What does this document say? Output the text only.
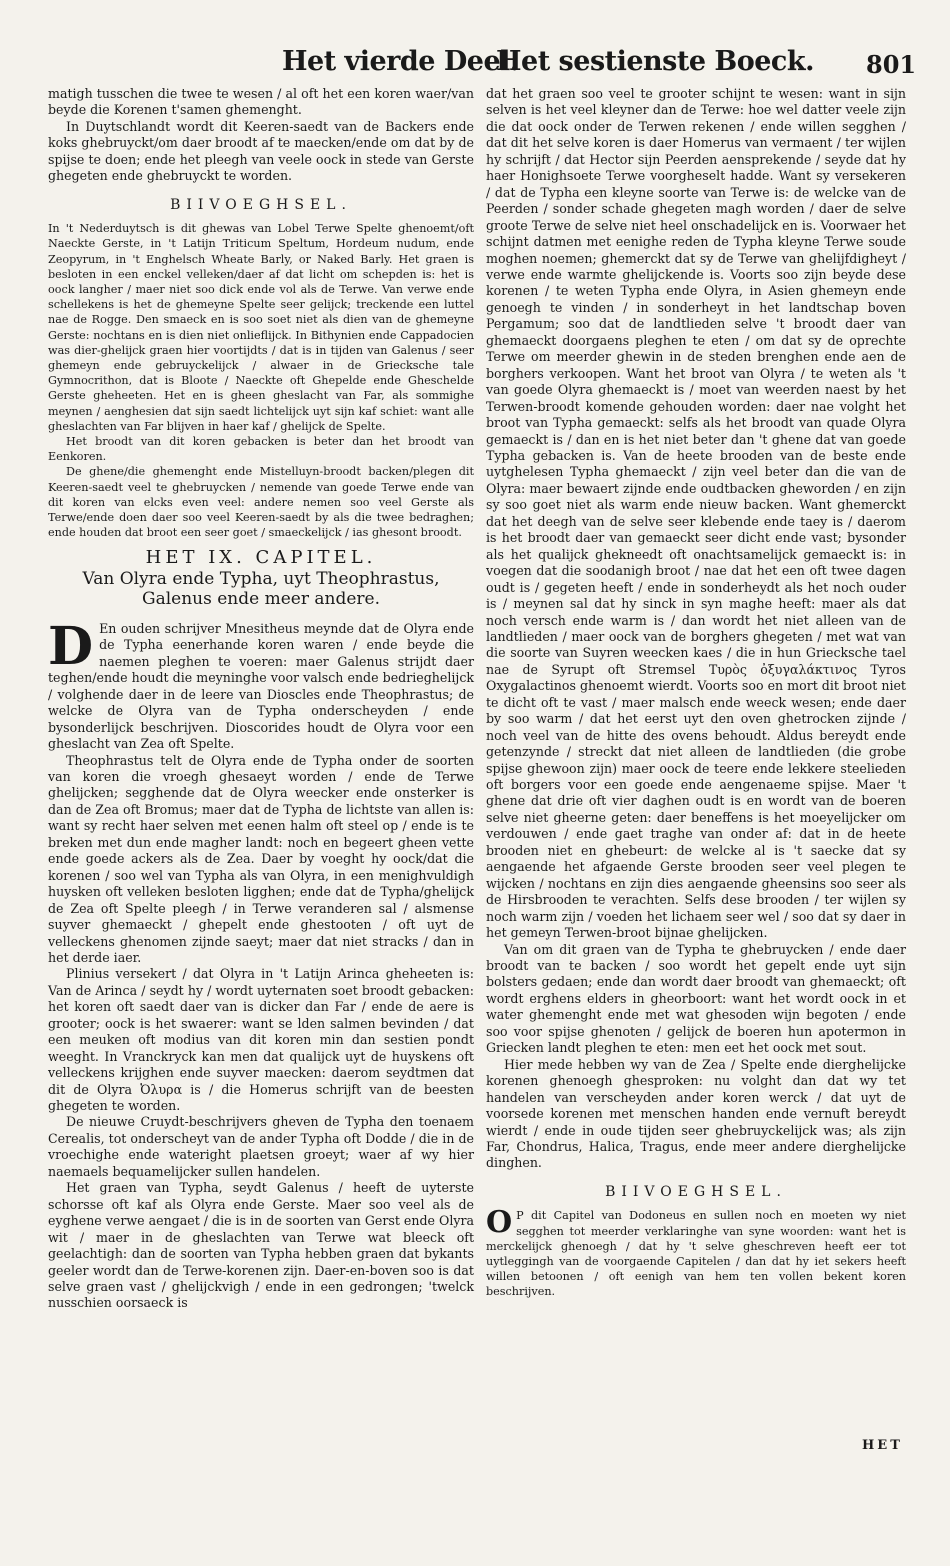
Het vierde Deel.
Het sestienste Boeck. 801

matigh tusschen die twee te wesen / al oft het een koren waer/van beyde die Korenen t'samen ghemenght.

In Duytschlandt wordt dit Keeren-saedt van de Backers ende koks ghebruyckt/om daer broodt af te maecken/ende om dat by de spijse te doen; ende het pleegh van veele oock in stede van Gerste ghegeten ende ghebruyckt te worden.

BIIVOEGHSEL.

In 't Nederduytsch is dit ghewas van Lobel Terwe Spelte ghenoemt/oft Naeckte Gerste, in 't Latijn Triticum Speltum, Hordeum nudum, ende Zeopyrum, in 't Enghelsch Wheate Barly, or Naked Barly. Het graen is besloten in een enckel velleken/daer af dat licht om schepden is: het is oock langher / maer niet soo dick ende vol als de Terwe. Van verwe ende schellekens is het de ghemeyne Spelte seer gelijck; treckende een luttel nae de Rogge. Den smaeck en is soo soet niet als dien van de ghemeyne Gerste: nochtans en is dien niet onlieflijck. In Bithynien ende Cappadocien was dier-ghelijck graen hier voortijdts / dat is in tijden van Galenus / seer ghemeyn ende gebruyckelijck / alwaer in de Griecksche tale Gymnocrithon, dat is Bloote / Naeckte oft Ghepelde ende Gheschelde Gerste gheheeten. Het en is gheen gheslacht van Far, als sommighe meynen / aenghesien dat sijn saedt lichtelijck uyt sijn kaf schiet: want alle gheslachten van Far blijven in haer kaf / ghelijck de Spelte.

Het broodt van dit koren gebacken is beter dan het broodt van Eenkoren.

De ghene/die ghemenght ende Mistelluyn-broodt backen/plegen dit Keeren-saedt veel te ghebruycken / nemende van goede Terwe ende van dit koren van elcks even veel: andere nemen soo veel Gerste als Terwe/ende doen daer soo veel Keeren-saedt by als die twee bedraghen; ende houden dat broot een seer goet / smaeckelijck / ias ghesont broodt.

HET IX. CAPITEL.
Van Olyra ende Typha, uyt Theophrastus, Galenus ende meer andere.

D En ouden schrijver Mnesitheus meynde dat de Olyra ende de Typha eenerhande koren waren / ende beyde die naemen pleghen te voeren: maer Galenus strijdt daer teghen/ende houdt die meyninghe voor valsch ende bedrieghelijck / volghende daer in de leere van Dioscles ende Theophrastus; de welcke de Olyra van de Typha onderscheyden / ende bysonderlijck beschrijven. Dioscorides houdt de Olyra voor een gheslacht van Zea oft Spelte.

Theophrastus telt de Olyra ende de Typha onder de soorten van koren die vroegh ghesaeyt worden / ende de Terwe ghelijcken; segghende dat de Olyra weecker ende onsterker is dan de Zea oft Bromus; maer dat de Typha de lichtste van allen is: want sy recht haer selven met eenen halm oft steel op / ende is te breken met dun ende magher landt: noch en begeert gheen vette ende goede ackers als de Zea. Daer by voeght hy oock/dat die korenen / soo wel van Typha als van Olyra, in een menighvuldigh huysken oft velleken besloten ligghen; ende dat de Typha/ghelijck de Zea oft Spelte pleegh / in Terwe veranderen sal / alsmense suyver ghemaeckt / ghepelt ende ghestooten / oft uyt de velleckens ghenomen zijnde saeyt; maer dat niet stracks / dan in het derde iaer.

Plinius versekert / dat Olyra in 't Latijn Arinca gheheeten is: Van de Arinca / seydt hy / wordt uyternaten soet broodt gebacken: het koren oft saedt daer van is dicker dan Far / ende de aere is grooter; oock is het swaerer: want se lden salmen bevinden / dat een meuken oft modius van dit koren min dan sestien pondt weeght. In Vranckryck kan men dat qualijck uyt de huyskens oft velleckens krijghen ende suyver maecken: daerom seydtmen dat dit de Olyra Ὀλυρα is / die Homerus schrijft van de beesten ghegeten te worden.

De nieuwe Cruydt-beschrijvers gheven de Typha den toenaem Cerealis, tot onderscheyt van de ander Typha oft Dodde / die in de vroechighe ende wateright plaetsen groeyt; waer af wy hier naemaels bequamelijcker sullen handelen.

Het graen van Typha, seydt Galenus / heeft de uyterste schorsse oft kaf als Olyra ende Gerste. Maer soo veel als de eyghene verwe aengaet / die is in de soorten van Gerst ende Olyra wit / maer in de gheslachten van Terwe wat bleeck oft geelachtigh: dan de soorten van Typha hebben graen dat bykants geeler wordt dan de Terwe-korenen zijn. Daer-en-boven soo is dat selve graen vast / ghelijckvigh / ende in een gedrongen; 'twelck nusschien oorsaeck is

dat het graen soo veel te grooter schijnt te wesen: want in sijn selven is het veel kleyner dan de Terwe: hoe wel datter veele zijn die dat oock onder de Terwen rekenen / ende willen segghen / dat dit het selve koren is daer Homerus van vermaent / ter wijlen hy schrijft / dat Hector sijn Peerden aensprekende / seyde dat hy haer Honighsoete Terwe voorgheselt hadde. Want sy versekeren / dat de Typha een kleyne soorte van Terwe is: de welcke van de Peerden / sonder schade ghegeten magh worden / daer de selve groote Terwe de selve niet heel onschadelijck en is. Voorwaer het schijnt datmen met eenighe reden de Typha kleyne Terwe soude moghen noemen; ghemerckt dat sy de Terwe van ghelijfdigheyt / verwe ende warmte ghelijckende is. Voorts soo zijn beyde dese korenen / te weten Typha ende Olyra, in Asien ghemeyn ende genoegh te vinden / in sonderheyt in het landtschap boven Pergamum; soo dat de landtlieden selve 't broodt daer van ghemaeckt doorgaens pleghen te eten / om dat sy de oprechte Terwe om meerder ghewin in de steden brenghen ende aen de borghers verkoopen. Want het broot van Olyra / te weten als 't van goede Olyra ghemaeckt is / moet van weerden naest by het Terwen-broodt komende gehouden worden: daer nae volght het broot van Typha gemaeckt: selfs als het broodt van quade Olyra gemaeckt is / dan en is het niet beter dan 't ghene dat van goede Typha gebacken is. Van de heete brooden van de beste ende uytghelesen Typha ghemaeckt / zijn veel beter dan die van de Olyra: maer bewaert zijnde ende oudtbacken gheworden / en zijn sy soo goet niet als warm ende nieuw backen. Want ghemerckt dat het deegh van de selve seer klebende ende taey is / daerom is het broodt daer van gemaeckt seer dicht ende vast; bysonder als het qualijck ghekneedt oft onachtsamelijck gemaeckt is: in voegen dat die soodanigh broot / nae dat het een oft twee dagen oudt is / gegeten heeft / ende in sonderheydt als het noch ouder is / meynen sal dat hy sinck in syn maghe heeft: maer als dat noch versch ende warm is / dan wordt het niet alleen van de landtlieden / maer oock van de borghers ghegeten / met wat van die soorte van Suyren weecken kaes / die in hun Griecksche tael nae de Syrupt oft Stremsel Τυρὸς ὀξυγαλάκτινος Tyros Oxygalactinos ghenoemt wierdt. Voorts soo en mort dit broot niet te dicht oft te vast / maer malsch ende weeck wesen; ende daer by soo warm / dat het eerst uyt den oven ghetrocken zijnde / noch veel van de hitte des ovens behoudt. Aldus bereydt ende getenzynde / streckt dat niet alleen de landtlieden (die grobe spijse ghewoon zijn) maer oock de teere ende lekkere steelieden oft borgers voor een goede ende aengenaeme spijse. Maer 't ghene dat drie oft vier daghen oudt is en wordt van de boeren selve niet gheerne geten: daer beneffens is het moeyelijcker om verdouwen / ende gaet traghe van onder af: dat in de heete brooden niet en ghebeurt: de welcke al is 't saecke dat sy aengaende het afgaende Gerste brooden seer veel plegen te wijcken / nochtans en zijn dies aengaende gheensins soo seer als de Hirsbrooden te verachten. Selfs dese brooden / ter wijlen sy noch warm zijn / voeden het lichaem seer wel / soo dat sy daer in het gemeyn Terwen-broot bijnae ghelijcken.

Van om dit graen van de Typha te ghebruycken / ende daer broodt van te backen / soo wordt het gepelt ende uyt sijn bolsters gedaen; ende dan wordt daer broodt van ghemaeckt; oft wordt erghens elders in gheorboort: want het wordt oock in et water ghemenght ende met wat ghesoden wijn begoten / ende soo voor spijse ghenoten / gelijck de boeren hun apotermon in Griecken landt pleghen te eten: men eet het oock met sout.

Hier mede hebben wy van de Zea / Spelte ende dierghelijcke korenen ghenoegh ghesproken: nu volght dan dat wy tet handelen van verscheyden ander koren werck / dat uyt de voorsede korenen met menschen handen ende vernuft bereydt wierdt / ende in oude tijden seer ghebruyckelijck was; als zijn Far, Chondrus, Halica, Tragus, ende meer andere dierghelijcke dinghen.

BIIVOEGHSEL.

O P dit Capitel van Dodoneus en sullen noch en moeten wy niet segghen tot meerder verklaringhe van syne woorden: want het is merckelijck ghenoegh / dat hy 't selve gheschreven heeft eer tot uytleggingh van de voorgaende Capitelen / dan dat hy iet sekers heeft willen betoonen / oft eenigh van hem ten vollen bekent koren beschrijven.

HET
